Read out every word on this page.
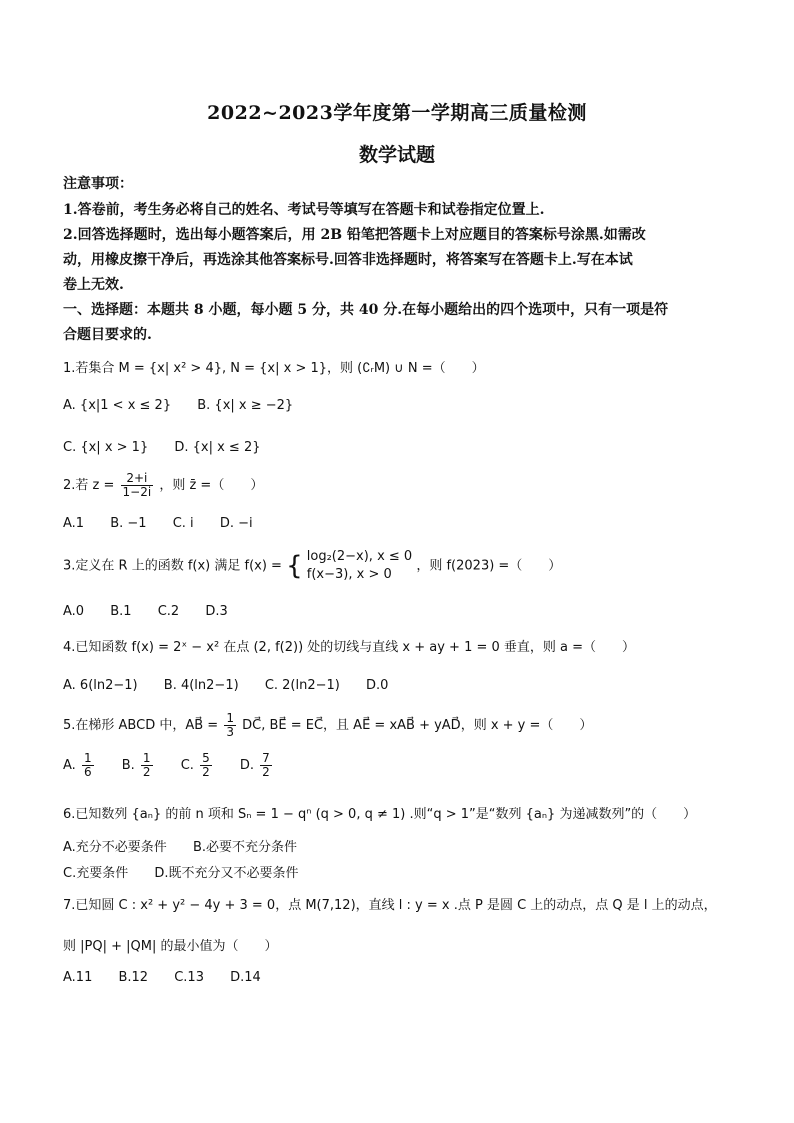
2022~2023学年度第一学期高三质量检测
数学试题
注意事项：
1.答卷前，考生务必将自己的姓名、考试号等填写在答题卡和试卷指定位置上.
2.回答选择题时，选出每小题答案后，用 2B 铅笔把答题卡上对应题目的答案标号涂黑.如需改
动，用橡皮擦干净后，再选涂其他答案标号.回答非选择题时，将答案写在答题卡上.写在本试
卷上无效.
一、选择题：本题共 8 小题，每小题 5 分，共 40 分.在每小题给出的四个选项中，只有一项是符
合题目要求的.
1.若集合 M = {x| x² > 4}, N = {x| x > 1}，则 (∁ᵣM) ∪ N =（　　）
A. {x|1 < x ≤ 2} B. {x| x ≥ −2}
C. {x| x > 1} D. {x| x ≤ 2}
2.若 $z = \frac{2+i}{1-2i}$ ，则 z̄ =（　　）
A.1 B. −1 C. i D. −i
3.定义在 R 上的函数 f(x) 满足 f(x) = { log₂(2−x), x ≤ 0
f(x−3), x > 0
，则 f(2023) =（　　）
A.0 B.1 C.2 D.3
4.已知函数 f(x) = 2ˣ − x² 在点 (2, f(2)) 处的切线与直线 x + ay + 1 = 0 垂直，则 a =（　　）
A. 6(ln2−1) B. 4(ln2−1) C. 2(ln2−1) D.0
5.在梯形 ABCD 中，AB⃗ = $\frac{1}{3}$ DC⃗, BE⃗ = EC⃗，且 AE⃗ = xAB⃗ + yAD⃗，则 x + y =（　　）
A. $\frac{1}{6} B$. $\frac{1}{2} C$. $\frac{5}{2} D$. $\frac{7}{2}$
6.已知数列 {aₙ} 的前 n 项和 Sₙ = 1 − qⁿ (q > 0, q ≠ 1) .则“q > 1”是“数列 {aₙ} 为递减数列”的（　　）
A.充分不必要条件 B.必要不充分条件
C.充要条件 D.既不充分又不必要条件
7.已知圆 C : x² + y² − 4y + 3 = 0，点 M(7,12)，直线 l : y = x .点 P 是圆 C 上的动点，点 Q 是 l 上的动点，
则 |PQ| + |QM| 的最小值为（　　）
A.11 B.12 C.13 D.14
